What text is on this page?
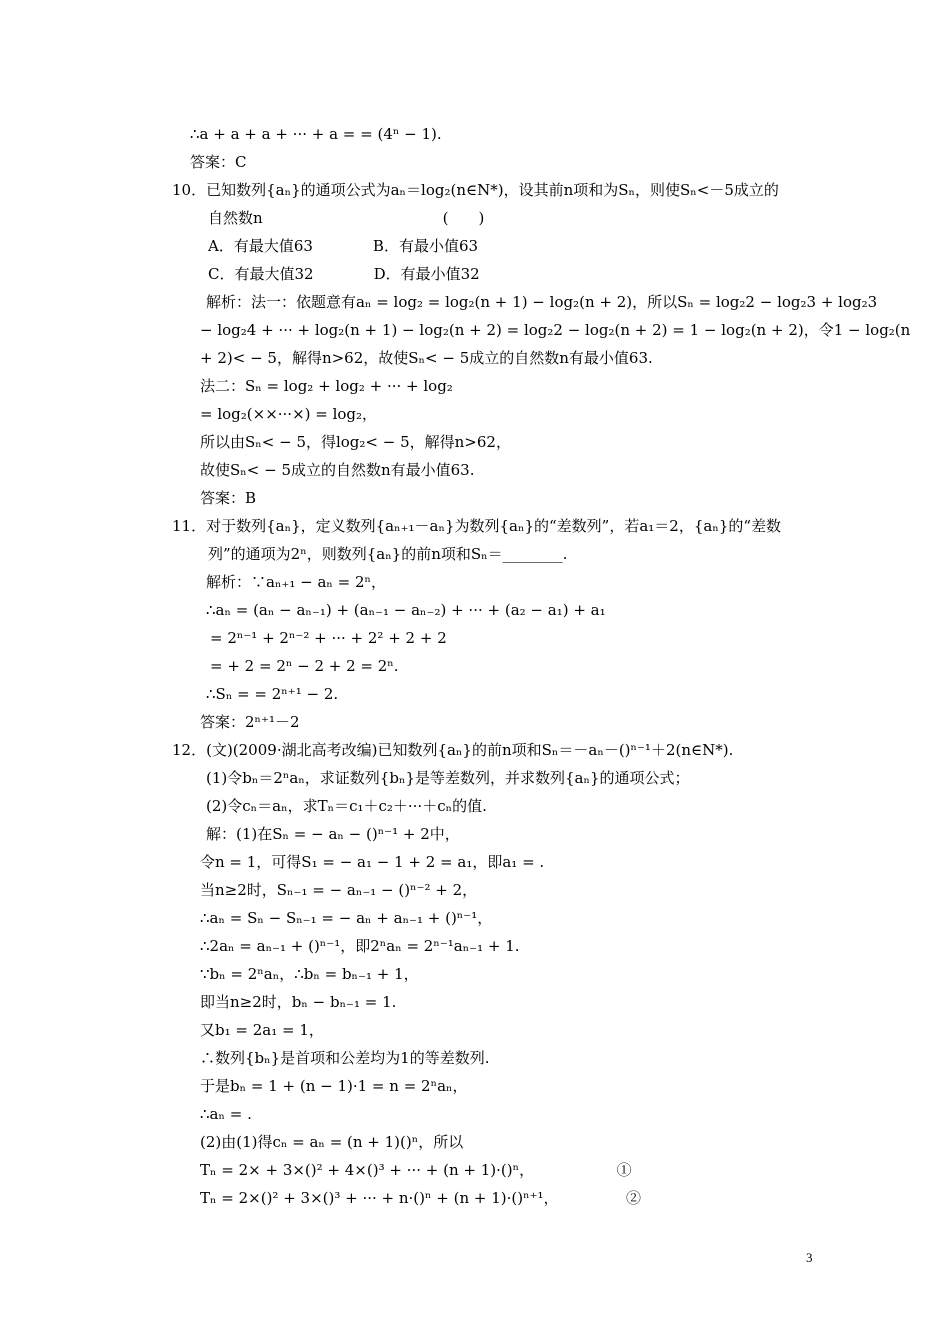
∴a + a + a + ··· + a = = (4ⁿ − 1).
答案：C
10．已知数列{aₙ}的通项公式为aₙ＝log₂(n∈N*)，设其前n项和为Sₙ，则使Sₙ<－5成立的
自然数n　　　　　　　　　　　　(　　)
A．有最大值63　　　　B．有最小值63
C．有最大值32　　　　D．有最小值32
解析：法一：依题意有aₙ = log₂ = log₂(n + 1) − log₂(n + 2)，所以Sₙ = log₂2 − log₂3 + log₂3
− log₂4 + ··· + log₂(n + 1) − log₂(n + 2) = log₂2 − log₂(n + 2) = 1 − log₂(n + 2)，令1 − log₂(n
+ 2)< − 5，解得n>62，故使Sₙ< − 5成立的自然数n有最小值63.
法二：Sₙ = log₂ + log₂ + ··· + log₂
= log₂(××···×) = log₂，
所以由Sₙ< − 5，得log₂< − 5，解得n>62，
故使Sₙ< − 5成立的自然数n有最小值63.
答案：B
11．对于数列{aₙ}，定义数列{aₙ₊₁－aₙ}为数列{aₙ}的“差数列”，若a₁＝2，{aₙ}的“差数
列”的通项为2ⁿ，则数列{aₙ}的前n项和Sₙ＝________.
解析：∵aₙ₊₁ − aₙ = 2ⁿ，
∴aₙ = (aₙ − aₙ₋₁) + (aₙ₋₁ − aₙ₋₂) + ··· + (a₂ − a₁) + a₁
= 2ⁿ⁻¹ + 2ⁿ⁻² + ··· + 2² + 2 + 2
= + 2 = 2ⁿ − 2 + 2 = 2ⁿ.
∴Sₙ = = 2ⁿ⁺¹ − 2.
答案：2ⁿ⁺¹－2
12．(文)(2009·湖北高考改编)已知数列{aₙ}的前n项和Sₙ＝－aₙ－()ⁿ⁻¹＋2(n∈N*).
(1)令bₙ＝2ⁿaₙ，求证数列{bₙ}是等差数列，并求数列{aₙ}的通项公式；
(2)令cₙ＝aₙ，求Tₙ＝c₁＋c₂＋···＋cₙ的值.
解：(1)在Sₙ = − aₙ − ()ⁿ⁻¹ + 2中，
令n = 1，可得S₁ = − a₁ − 1 + 2 = a₁，即a₁ = .
当n≥2时，Sₙ₋₁ = − aₙ₋₁ − ()ⁿ⁻² + 2，
∴aₙ = Sₙ − Sₙ₋₁ = − aₙ + aₙ₋₁ + ()ⁿ⁻¹，
∴2aₙ = aₙ₋₁ + ()ⁿ⁻¹，即2ⁿaₙ = 2ⁿ⁻¹aₙ₋₁ + 1.
∵bₙ = 2ⁿaₙ，∴bₙ = bₙ₋₁ + 1，
即当n≥2时，bₙ − bₙ₋₁ = 1.
又b₁ = 2a₁ = 1，
∴数列{bₙ}是首项和公差均为1的等差数列.
于是bₙ = 1 + (n − 1)·1 = n = 2ⁿaₙ，
∴aₙ = .
(2)由(1)得cₙ = aₙ = (n + 1)()ⁿ，所以
Tₙ = 2× + 3×()² + 4×()³ + ··· + (n + 1)·()ⁿ，　　　　　　①
Tₙ = 2×()² + 3×()³ + ··· + n·()ⁿ + (n + 1)·()ⁿ⁺¹，　　　　　②
3
